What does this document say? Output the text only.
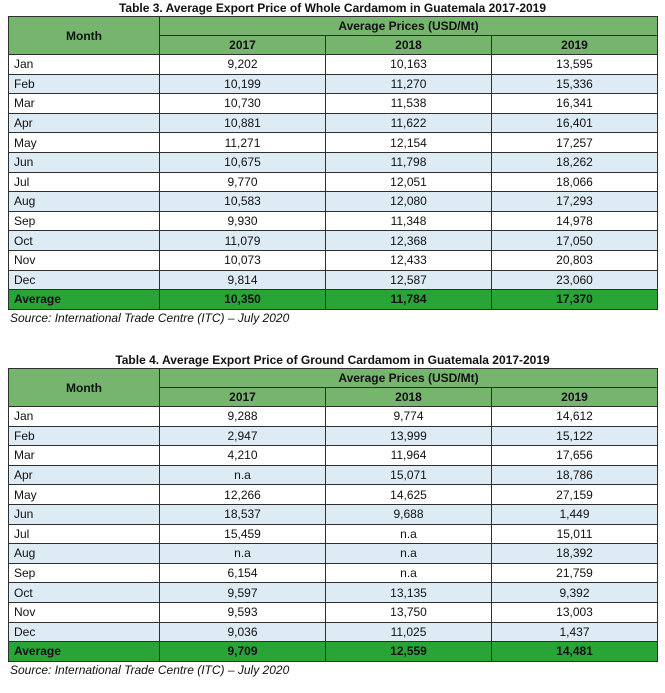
Table 3. Average Export Price of Whole Cardamom in Guatemala 2017-2019
Month	Average Prices (USD/Mt)		
	2017	2018	2019
Jan	9,202	10,163	13,595
Feb	10,199	11,270	15,336
Mar	10,730	11,538	16,341
Apr	10,881	11,622	16,401
May	11,271	12,154	17,257
Jun	10,675	11,798	18,262
Jul	9,770	12,051	18,066
Aug	10,583	12,080	17,293
Sep	9,930	11,348	14,978
Oct	11,079	12,368	17,050
Nov	10,073	12,433	20,803
Dec	9,814	12,587	23,060
Average	10,350	11,784	17,370
Source: International Trade Centre (ITC) – July 2020
Table 4. Average Export Price of Ground Cardamom in Guatemala 2017-2019
Month	Average Prices (USD/Mt)		
	2017	2018	2019
Jan	9,288	9,774	14,612
Feb	2,947	13,999	15,122
Mar	4,210	11,964	17,656
Apr	n.a	15,071	18,786
May	12,266	14,625	27,159
Jun	18,537	9,688	1,449
Jul	15,459	n.a	15,011
Aug	n.a	n.a	18,392
Sep	6,154	n.a	21,759
Oct	9,597	13,135	9,392
Nov	9,593	13,750	13,003
Dec	9,036	11,025	1,437
Average	9,709	12,559	14,481
Source: International Trade Centre (ITC) – July 2020
